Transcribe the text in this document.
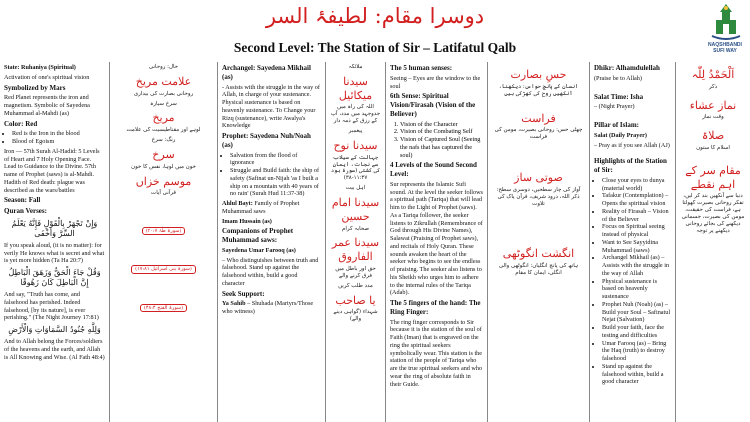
دوسرا مقام: لطیفۂ السر
Second Level: The Station of Sir – Latifatul Qalb	NAQSHBANDI SUFI WAY

State: Ruhaniya (Spiritual)

Activation of one's spiritual vision

Symbolized by Mars

Red Planet represents the iron and magnetism. Symbolic of Sayedena Muhammad al-Mahdi (as)

Color: Red

• Red is the Iron in the blood
• Blood of Egoism

Iron — 57th Surah Al-Hadid: 5 Levels of Heart and 7 Holy Opening Face. Lead to Guidance to the Divine. 57th name of Prophet (saws) is al-Mahdi. Hadith of Red death: plague was described as the wars/battles

Season: Fall

Quran Verses:

وَإِنْ تَجْهَرْ بِالْقَوْلِ فَإِنَّهُ يَعْلَمُ السِّرَّ وَأَخْفَى

If you speak aloud, (it is no matter): for verily He knows what is secret and what is yet more hidden (Ta Ha 20:7)

وَقُلْ جَاءَ الْحَقُّ وَزَهَقَ الْبَاطِلُ إِنَّ الْبَاطِلَ كَانَ زَهُوقًا

And say, "Truth has come, and falsehood has perished. Indeed falsehood, [by its nature], is ever perishing." (The Night Journey 17:81)

وَلِلَّهِ جُنُودُ السَّمَاوَاتِ وَالْأَرْضِ

And to Allah belong the Forces/soldiers of the heavens and the earth, and Allah is All Knowing and Wise. (Al Fath 48:4)

حال: روحانی
علامت مریخ
روحانی بصارت کی بیداری
سرخ سیارہ
مریخ
لوہے اور مقناطیسیت کی علامت
رنگ: سرخ
سرخ
خون میں لوہا، نفس کا خون
موسم خزاں
قرآنی آیات
(سورۃ طٰہٰ ۲۰:۷)
(سورۃ بنی اسرائیل ۱۷:۸۱)
(سورۃ الفتح ۴۸:۴)

Archangel: Sayedena Mikhail (as)

- Assists with the struggle in the way of Allah, in charge of your sustenance. Physical sustenance is based on heavenly sustenance. To Change your Rizq (sustenance), write Awalya's Knowledge

Prophet: Sayedena Nuh/Noah (as)

• Salvation from the flood of ignorance
• Struggle and Build faith: the ship of safety (Safinat un-Nijah 'as I built a ship on a mountain with 40 years of no rain' (Surah Hud 11:37-38)

Ahlul Bayt: Family of Prophet Muhammad saws

Imam Hussain (as)

Companions of Prophet Muhammad saws:

Sayedena Umar Farooq (as)

– Who distinguishes between truth and falsehood. Stand up against the falsehood within, build a good character

Seek Support:

Ya Sahib – Shuhada (Martyrs/Those who witness)

ملائکہ
سیدنا میکائیل
اللہ کی راہ میں جدوجہد میں مدد، آپ کے رزق کے ذمہ دار
پیغمبر
سیدنا نوح
جہالت کے سیلاب سے نجات، ایمان کی کشتی (سورۃ ہود ۱۱:۳۷-۳۸)
اہل بیت
سیدنا امام حسین
صحابہ کرام
سیدنا عمر الفاروق
حق اور باطل میں فرق کرنے والے
مدد طلب کریں
یا صاحب
شہداء (گواہی دینے والے)

The 5 human senses:

Seeing – Eyes are the window to the soul

6th Sense: Spiritual Vision/Firasah (Vision of the Believer)

1. Vision of the Character
2. Vision of the Combating Self
3. Vision of Captured Soul (Seeing the nafs that has captured the soul)

4 Levels of the Sound Second Level:

Sur represents the Islamic Sufi sound. At the level the seeker follows a spiritual path (Tariqa) that will lead him to the Light of Prophet (saws). As a Tariqa follower, the seeker listens to Zikrullah (Remembrance of God through His Divine Names), Salawat (Praising of Prophet saws), and recitals of Holy Quran. These sounds awaken the heart of the seeker who begins to see the endless of praising. The seeker also listens to his Sheikh who urges him to adhere to the internal rules of the Tariqa (Adab).

The 5 fingers of the hand: The Ring Finger:

The ring finger corresponds to Sir because it is the station of the soul of Faith (Iman) that is engraved on the ring the spiritual seekers symbolically wear. This station is the station of the people of Tariqa who are the true spiritual seekers and who wear the ring of absolute faith in their Guide.

حسِ بصارت
انسان کے پانچ حواس: دیکھنا، آنکھیں روح کی کھڑکی ہیں
فراست
چھٹی حس: روحانی بصیرت، مومن کی فراست
صوتی ساز
آواز کی چار سطحیں، دوسری سطح: ذکر اللہ، درود شریف، قرآن پاک کی تلاوت
انگشت انگوٹھی
ہاتھ کی پانچ انگلیاں: انگوٹھی والی انگلی، ایمان کا مقام

Dhikr: Alhamdulellah

(Praise be to Allah)

Salat Time: Isha

– (Night Prayer)

Pillar of Islam:

Salat (Daily Prayer)

– Pray as if you see Allah (AJ)

Highlights of the Station of Sir:

• Close your eyes to dunya (material world)
• Tafakur (Contemplation) – Opens the spiritual vision
• Reality of Firasah – Vision of the Believer
• Focus on Spiritual seeing instead of physical
• Want to See Sayyidina Muhammad (saws)
• Archangel Mikhail (as) – Assists with the struggle in the way of Allah
• Physical sustenance is based on heavenly sustenance
• Prophet Nuh (Noah) (as) – Build your Soul – Safinatul Nejat (Salvation)
• Build your faith, face the testing and difficulties
• Umar Farooq (as) – Bring the Haq (truth) to destroy falsehood
• Stand up against the falsehood within, build a good character
اَلْحَمْدُ لِلّٰہ
ذکر
نماز عشاء
وقت نماز
صلاۃ
اسلام کا ستون
مقام سر کے اہم نقطے
دنیا سے آنکھیں بند کر لیں، تفکر روحانی بصیرت کھولتا ہے، فراست کی حقیقت، مومن کی بصیرت، جسمانی دیکھنے کی بجائے روحانی دیکھنے پر توجہ
